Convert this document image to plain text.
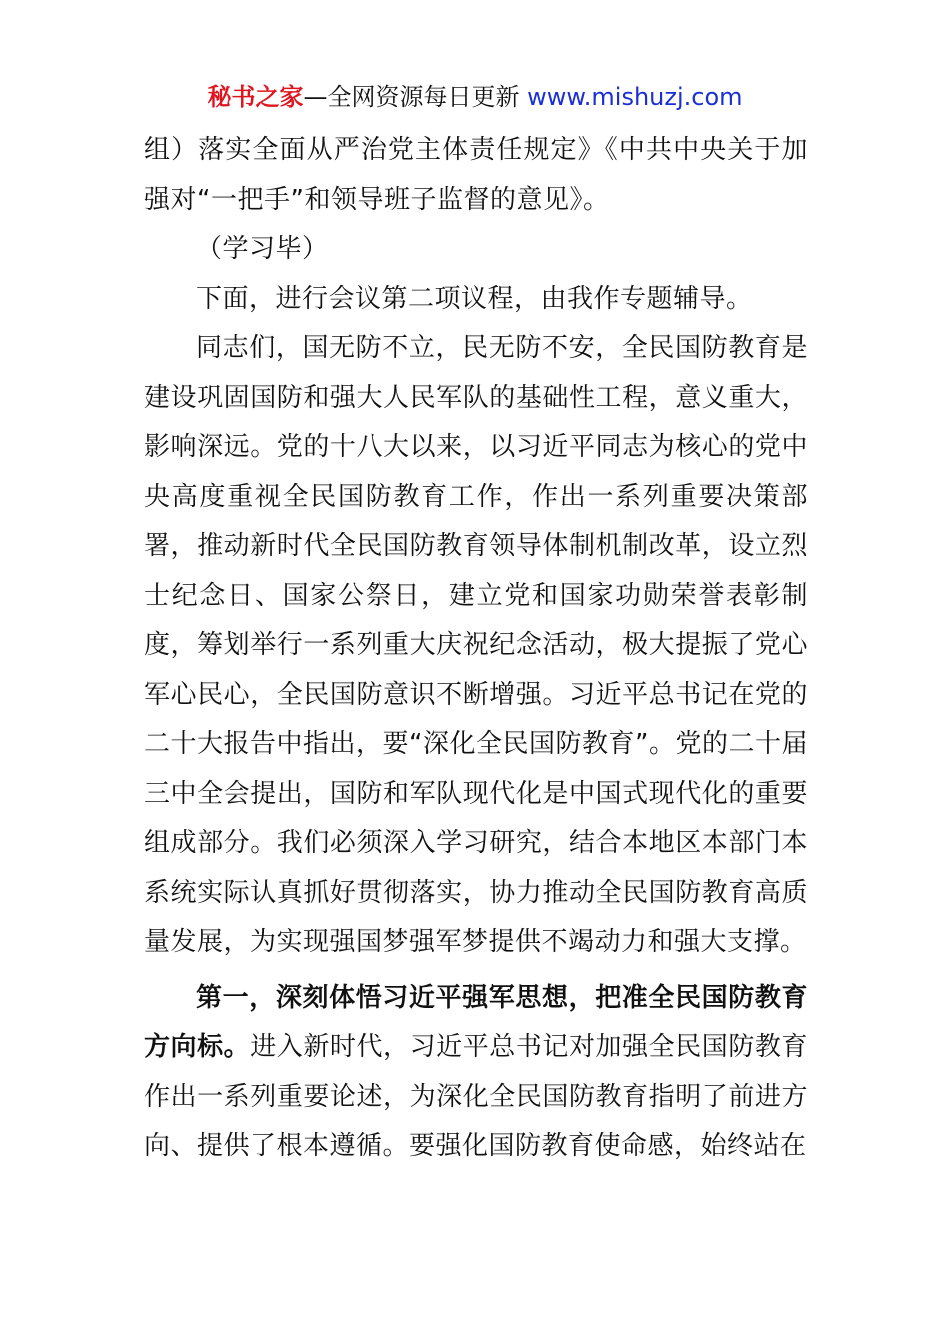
秘书之家—全网资源每日更新 www.mishuzj.com

组）落实全面从严治党主体责任规定》《中共中央关于加强对“一把手”和领导班子监督的意见》。

（学习毕）

下面，进行会议第二项议程，由我作专题辅导。

同志们，国无防不立，民无防不安，全民国防教育是建设巩固国防和强大人民军队的基础性工程，意义重大，影响深远。党的十八大以来，以习近平同志为核心的党中央高度重视全民国防教育工作，作出一系列重要决策部署，推动新时代全民国防教育领导体制机制改革，设立烈士纪念日、国家公祭日，建立党和国家功勋荣誉表彰制度，筹划举行一系列重大庆祝纪念活动，极大提振了党心军心民心，全民国防意识不断增强。习近平总书记在党的二十大报告中指出，要“深化全民国防教育”。党的二十届三中全会提出，国防和军队现代化是中国式现代化的重要组成部分。我们必须深入学习研究，结合本地区本部门本系统实际认真抓好贯彻落实，协力推动全民国防教育高质量发展，为实现强国梦强军梦提供不竭动力和强大支撑。

第一，深刻体悟习近平强军思想，把准全民国防教育方向标。进入新时代，习近平总书记对加强全民国防教育作出一系列重要论述，为深化全民国防教育指明了前进方向、提供了根本遵循。要强化国防教育使命感，始终站在
